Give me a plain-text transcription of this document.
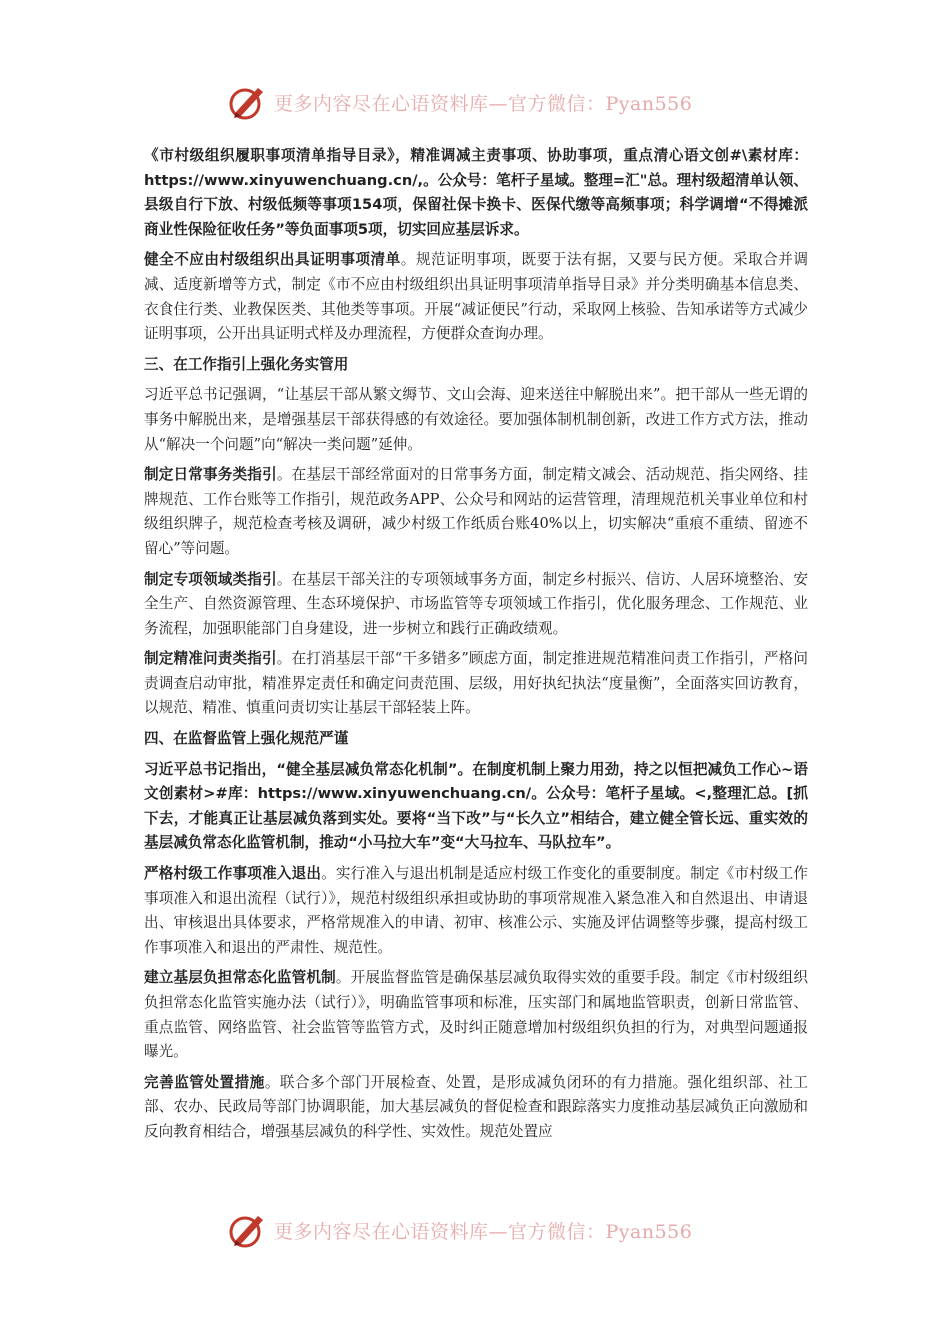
更多内容尽在心语资料库—官方微信：Pyan556

《市村级组织履职事项清单指导目录》，精准调减主责事项、协助事项，重点清心语文创#\素材库：https://www.xinyuwenchuang.cn/,。公众号：笔杆子星域。整理=汇"总。理村级超清单认领、县级自行下放、村级低频等事项154项，保留社保卡换卡、医保代缴等高频事项；科学调增“不得摊派商业性保险征收任务”等负面事项5项，切实回应基层诉求。

健全不应由村级组织出具证明事项清单。规范证明事项，既要于法有据，又要与民方便。采取合并调减、适度新增等方式，制定《市不应由村级组织出具证明事项清单指导目录》并分类明确基本信息类、衣食住行类、业教保医类、其他类等事项。开展“减证便民”行动，采取网上核验、告知承诺等方式减少证明事项，公开出具证明式样及办理流程，方便群众查询办理。

三、在工作指引上强化务实管用

习近平总书记强调，“让基层干部从繁文缛节、文山会海、迎来送往中解脱出来”。把干部从一些无谓的事务中解脱出来，是增强基层干部获得感的有效途径。要加强体制机制创新，改进工作方式方法，推动从“解决一个问题”向“解决一类问题”延伸。

制定日常事务类指引。在基层干部经常面对的日常事务方面，制定精文减会、活动规范、指尖网络、挂牌规范、工作台账等工作指引，规范政务APP、公众号和网站的运营管理，清理规范机关事业单位和村级组织牌子，规范检查考核及调研，减少村级工作纸质台账40%以上，切实解决“重痕不重绩、留迹不留心”等问题。

制定专项领域类指引。在基层干部关注的专项领域事务方面，制定乡村振兴、信访、人居环境整治、安全生产、自然资源管理、生态环境保护、市场监管等专项领域工作指引，优化服务理念、工作规范、业务流程，加强职能部门自身建设，进一步树立和践行正确政绩观。

制定精准问责类指引。在打消基层干部“干多错多”顾虑方面，制定推进规范精准问责工作指引，严格问责调查启动审批，精准界定责任和确定问责范围、层级，用好执纪执法“度量衡”，全面落实回访教育，以规范、精准、慎重问责切实让基层干部轻装上阵。

四、在监督监管上强化规范严谨

习近平总书记指出，“健全基层减负常态化机制”。在制度机制上聚力用劲，持之以恒把减负工作心~语文创素材>#库：https://www.xinyuwenchuang.cn/。公众号：笔杆子星域。<,整理汇总。[抓下去，才能真正让基层减负落到实处。要将“当下改”与“长久立”相结合，建立健全管长远、重实效的基层减负常态化监管机制，推动“小马拉大车”变“大马拉车、马队拉车”。

严格村级工作事项准入退出。实行准入与退出机制是适应村级工作变化的重要制度。制定《市村级工作事项准入和退出流程（试行）》，规范村级组织承担或协助的事项常规准入紧急准入和自然退出、申请退出、审核退出具体要求，严格常规准入的申请、初审、核准公示、实施及评估调整等步骤，提高村级工作事项准入和退出的严肃性、规范性。

建立基层负担常态化监管机制。开展监督监管是确保基层减负取得实效的重要手段。制定《市村级组织负担常态化监管实施办法（试行）》，明确监管事项和标准，压实部门和属地监管职责，创新日常监管、重点监管、网络监管、社会监管等监管方式，及时纠正随意增加村级组织负担的行为，对典型问题通报曝光。

完善监管处置措施。联合多个部门开展检查、处置，是形成减负闭环的有力措施。强化组织部、社工部、农办、民政局等部门协调职能，加大基层减负的督促检查和跟踪落实力度推动基层减负正向激励和反向教育相结合，增强基层减负的科学性、实效性。规范处置应

更多内容尽在心语资料库—官方微信：Pyan556
